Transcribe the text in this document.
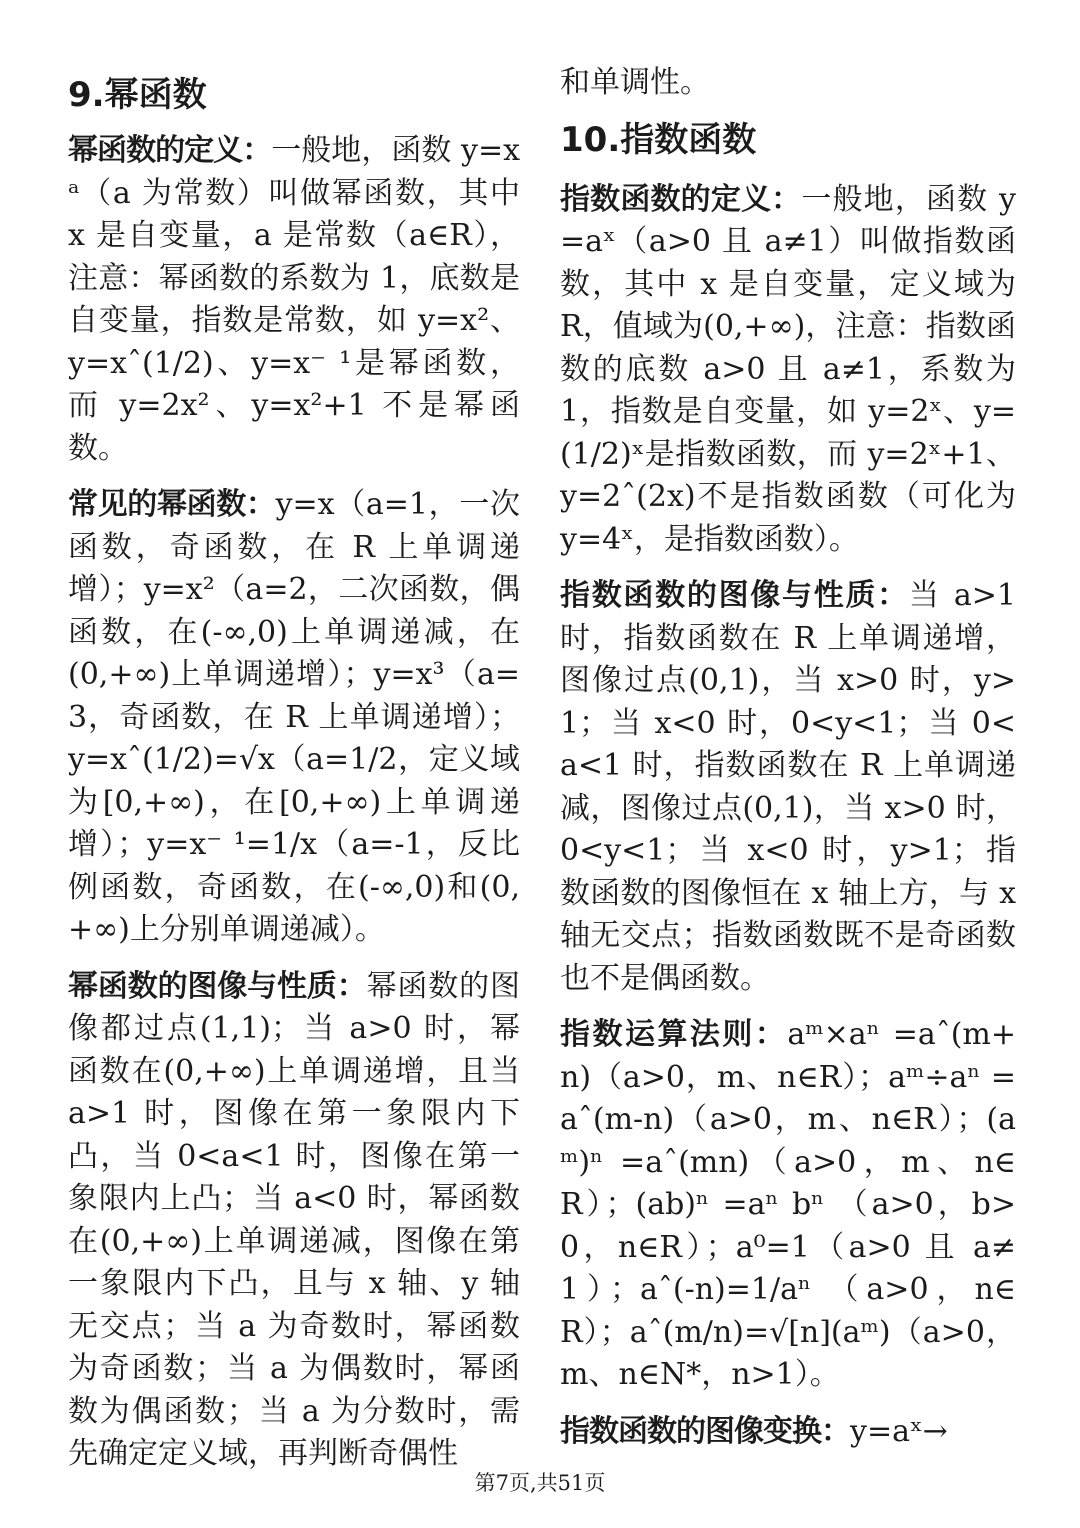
9.幂函数

幂函数的定义：一般地，函数 y=x ᵃ（a 为常数）叫做幂函数，其中 x 是自变量，a 是常数（a∈R），注意：幂函数的系数为 1，底数是自变量，指数是常数，如 y=x²、y=xˆ(1/2)、y=x⁻ ¹是幂函数，而 y=2x²、y=x²+1 不是幂函数。

常见的幂函数：y=x（a=1，一次函数，奇函数，在 R 上单调递增）；y=x²（a=2，二次函数，偶函数，在(-∞,0)上单调递减，在(0,+∞)上单调递增）；y=x³（a=3，奇函数，在 R 上单调递增）；y=xˆ(1/2)=√x（a=1/2，定义域为[0,+∞)，在[0,+∞)上单调递增）；y=x⁻ ¹=1/x（a=-1，反比例函数，奇函数，在(-∞,0)和(0,+∞)上分别单调递减）。

幂函数的图像与性质：幂函数的图像都过点(1,1)；当 a>0 时，幂函数在(0,+∞)上单调递增，且当 a>1 时，图像在第一象限内下凸，当 0<a<1 时，图像在第一象限内上凸；当 a<0 时，幂函数在(0,+∞)上单调递减，图像在第一象限内下凸，且与 x 轴、y 轴无交点；当 a 为奇数时，幂函数为奇函数；当 a 为偶数时，幂函数为偶函数；当 a 为分数时，需先确定定义域，再判断奇偶性

和单调性。

10.指数函数

指数函数的定义：一般地，函数 y=aˣ（a>0 且 a≠1）叫做指数函数，其中 x 是自变量，定义域为 R，值域为(0,+∞)，注意：指数函数的底数 a>0 且 a≠1，系数为 1，指数是自变量，如 y=2ˣ、y=(1/2)ˣ是指数函数，而 y=2ˣ+1、y=2ˆ(2x)不是指数函数（可化为 y=4ˣ，是指数函数）。

指数函数的图像与性质：当 a>1 时，指数函数在 R 上单调递增，图像过点(0,1)，当 x>0 时，y>1；当 x<0 时，0<y<1；当 0<a<1 时，指数函数在 R 上单调递减，图像过点(0,1)，当 x>0 时，0<y<1；当 x<0 时，y>1；指数函数的图像恒在 x 轴上方，与 x 轴无交点；指数函数既不是奇函数也不是偶函数。

指数运算法则：aᵐ×aⁿ =aˆ(m+n)（a>0，m、n∈R）；aᵐ÷aⁿ =aˆ(m-n)（a>0，m、n∈R）；(aᵐ)ⁿ =aˆ(mn)（a>0，m、n∈R）；(ab)ⁿ =aⁿ bⁿ （a>0，b>0，n∈R）；a⁰=1（a>0 且 a≠1）；aˆ(-n)=1/aⁿ （a>0，n∈R）；aˆ(m/n)=√[n](aᵐ)（a>0，m、n∈N*，n>1）。

指数函数的图像变换：y=aˣ→

第7页,共51页
